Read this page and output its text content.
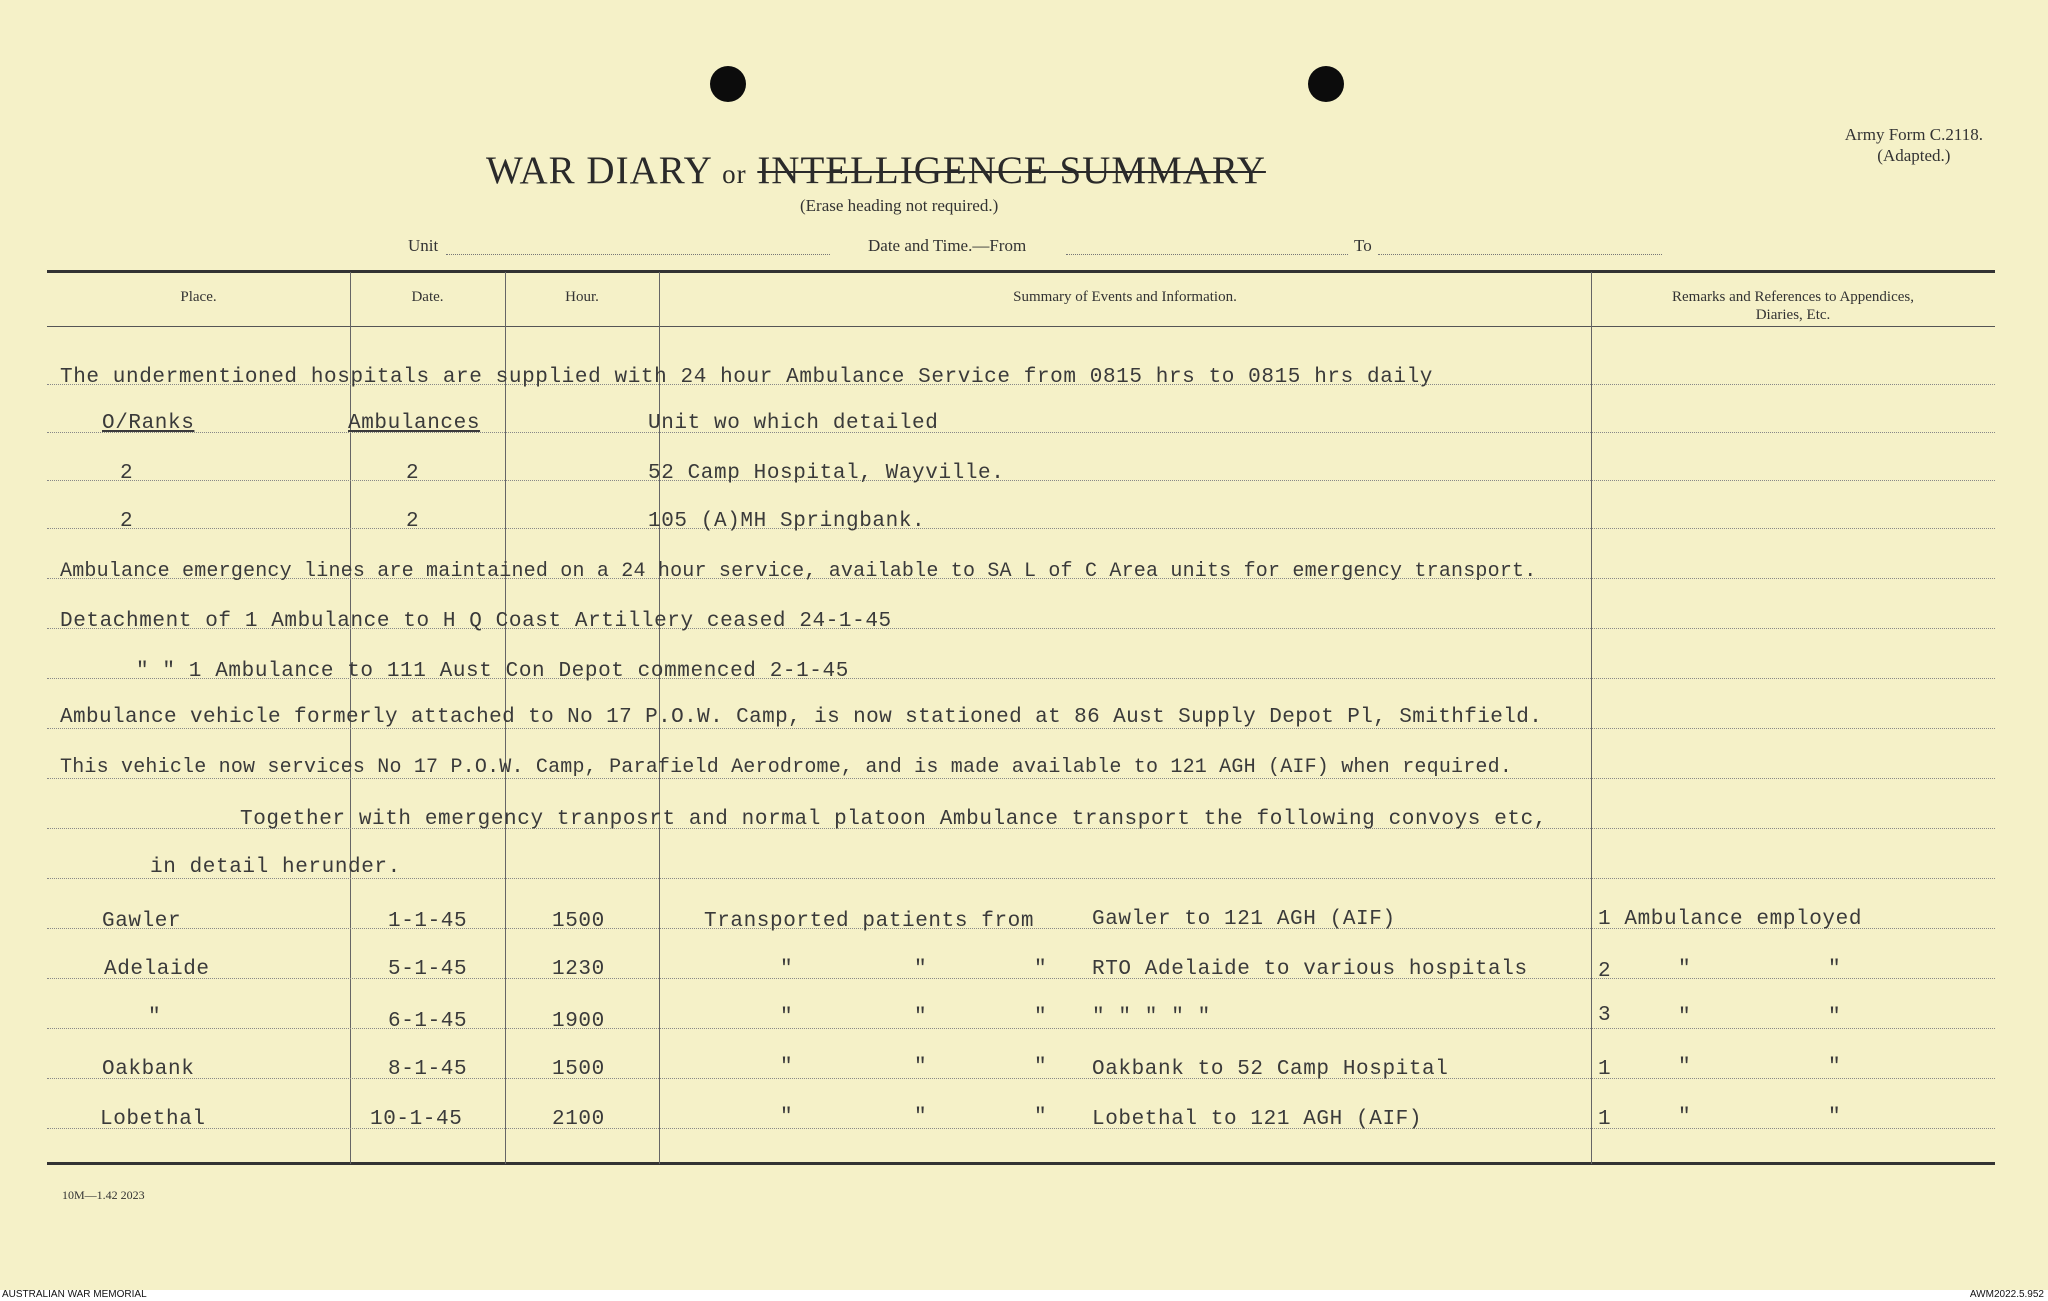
WAR DIARY or INTELLIGENCE SUMMARY
(Erase heading not required.)
Army Form C.2118.
(Adapted.)
Unit	Date and Time.—From	To
Place.	Date.	Hour.	Summary of Events and Information.	Remarks and References to Appendices,
Diaries, Etc.
The undermentioned hospitals are supplied with 24 hour Ambulance Service from 0815 hrs to 0815 hrs daily
O/Ranks	Ambulances	Unit wo which detailed
2	2	52 Camp Hospital, Wayville.
2	2	105 (A)MH Springbank.
Ambulance emergency lines are maintained on a 24 hour service, available to SA L of C Area units for emergency transport.
Detachment of 1 Ambulance to H Q Coast Artillery ceased 24-1-45
" " 1 Ambulance to 111 Aust Con Depot commenced 2-1-45
Ambulance vehicle formerly attached to No 17 P.O.W. Camp, is now stationed at 86 Aust Supply Depot Pl, Smithfield.
This vehicle now services No 17 P.O.W. Camp, Parafield Aerodrome, and is made available to 121 AGH (AIF) when required.
Together with emergency tranposrt and normal platoon Ambulance transport the following convoys etc,
in detail herunder.
Gawler	1-1-45	1500	Transported patients from	Gawler to 121 AGH (AIF)	1 Ambulance employed
Adelaide	5-1-45	1230	"	"	" RTO Adelaide to various hospitals	2	"	"
"	6-1-45	1900	"	"	" " " " " "	3	"	"
Oakbank	8-1-45	1500	"	"	" Oakbank to 52 Camp Hospital	1	"	"
Lobethal	10-1-45	2100	"	"	" Lobethal to 121 AGH (AIF)	1	"	"
10M—1.42 2023
AUSTRALIAN WAR MEMORIAL	AWM2022.5.952
